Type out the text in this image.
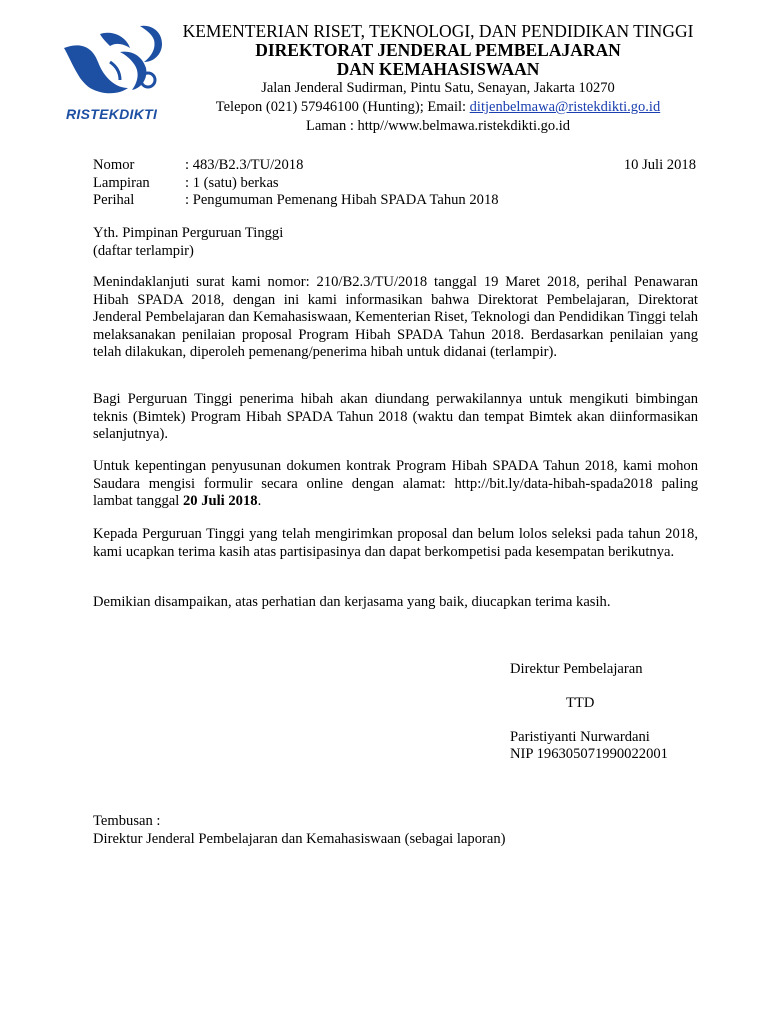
RISTEKDIKTI
KEMENTERIAN RISET, TEKNOLOGI, DAN PENDIDIKAN TINGGI
DIREKTORAT JENDERAL PEMBELAJARAN
DAN KEMAHASISWAAN
Jalan Jenderal Sudirman, Pintu Satu, Senayan, Jakarta 10270
Telepon (021) 57946100 (Hunting); Email: ditjenbelmawa@ristekdikti.go.id
Laman : http//www.belmawa.ristekdikti.go.id
Nomor	: 483/B2.3/TU/2018
Lampiran : 1 (satu) berkas
Perihal	: Pengumuman Pemenang Hibah SPADA Tahun 2018
10 Juli 2018
Yth. Pimpinan Perguruan Tinggi
(daftar terlampir)
Menindaklanjuti surat kami nomor: 210/B2.3/TU/2018 tanggal 19 Maret 2018, perihal Penawaran Hibah SPADA 2018, dengan ini kami informasikan bahwa Direktorat Pembelajaran, Direktorat Jenderal Pembelajaran dan Kemahasiswaan, Kementerian Riset, Teknologi dan Pendidikan Tinggi telah melaksanakan penilaian proposal Program Hibah SPADA Tahun 2018. Berdasarkan penilaian yang telah dilakukan, diperoleh pemenang/penerima hibah untuk didanai (terlampir).
Bagi Perguruan Tinggi penerima hibah akan diundang perwakilannya untuk mengikuti bimbingan teknis (Bimtek) Program Hibah SPADA Tahun 2018 (waktu dan tempat Bimtek akan diinformasikan selanjutnya).
Untuk kepentingan penyusunan dokumen kontrak Program Hibah SPADA Tahun 2018, kami mohon Saudara mengisi formulir secara online dengan alamat: http://bit.ly/data-hibah-spada2018 paling lambat tanggal 20 Juli 2018.
Kepada Perguruan Tinggi yang telah mengirimkan proposal dan belum lolos seleksi pada tahun 2018, kami ucapkan terima kasih atas partisipasinya dan dapat berkompetisi pada kesempatan berikutnya.
Demikian disampaikan, atas perhatian dan kerjasama yang baik, diucapkan terima kasih.
Direktur Pembelajaran
TTD
Paristiyanti Nurwardani
NIP 196305071990022001
Tembusan :
Direktur Jenderal Pembelajaran dan Kemahasiswaan (sebagai laporan)
